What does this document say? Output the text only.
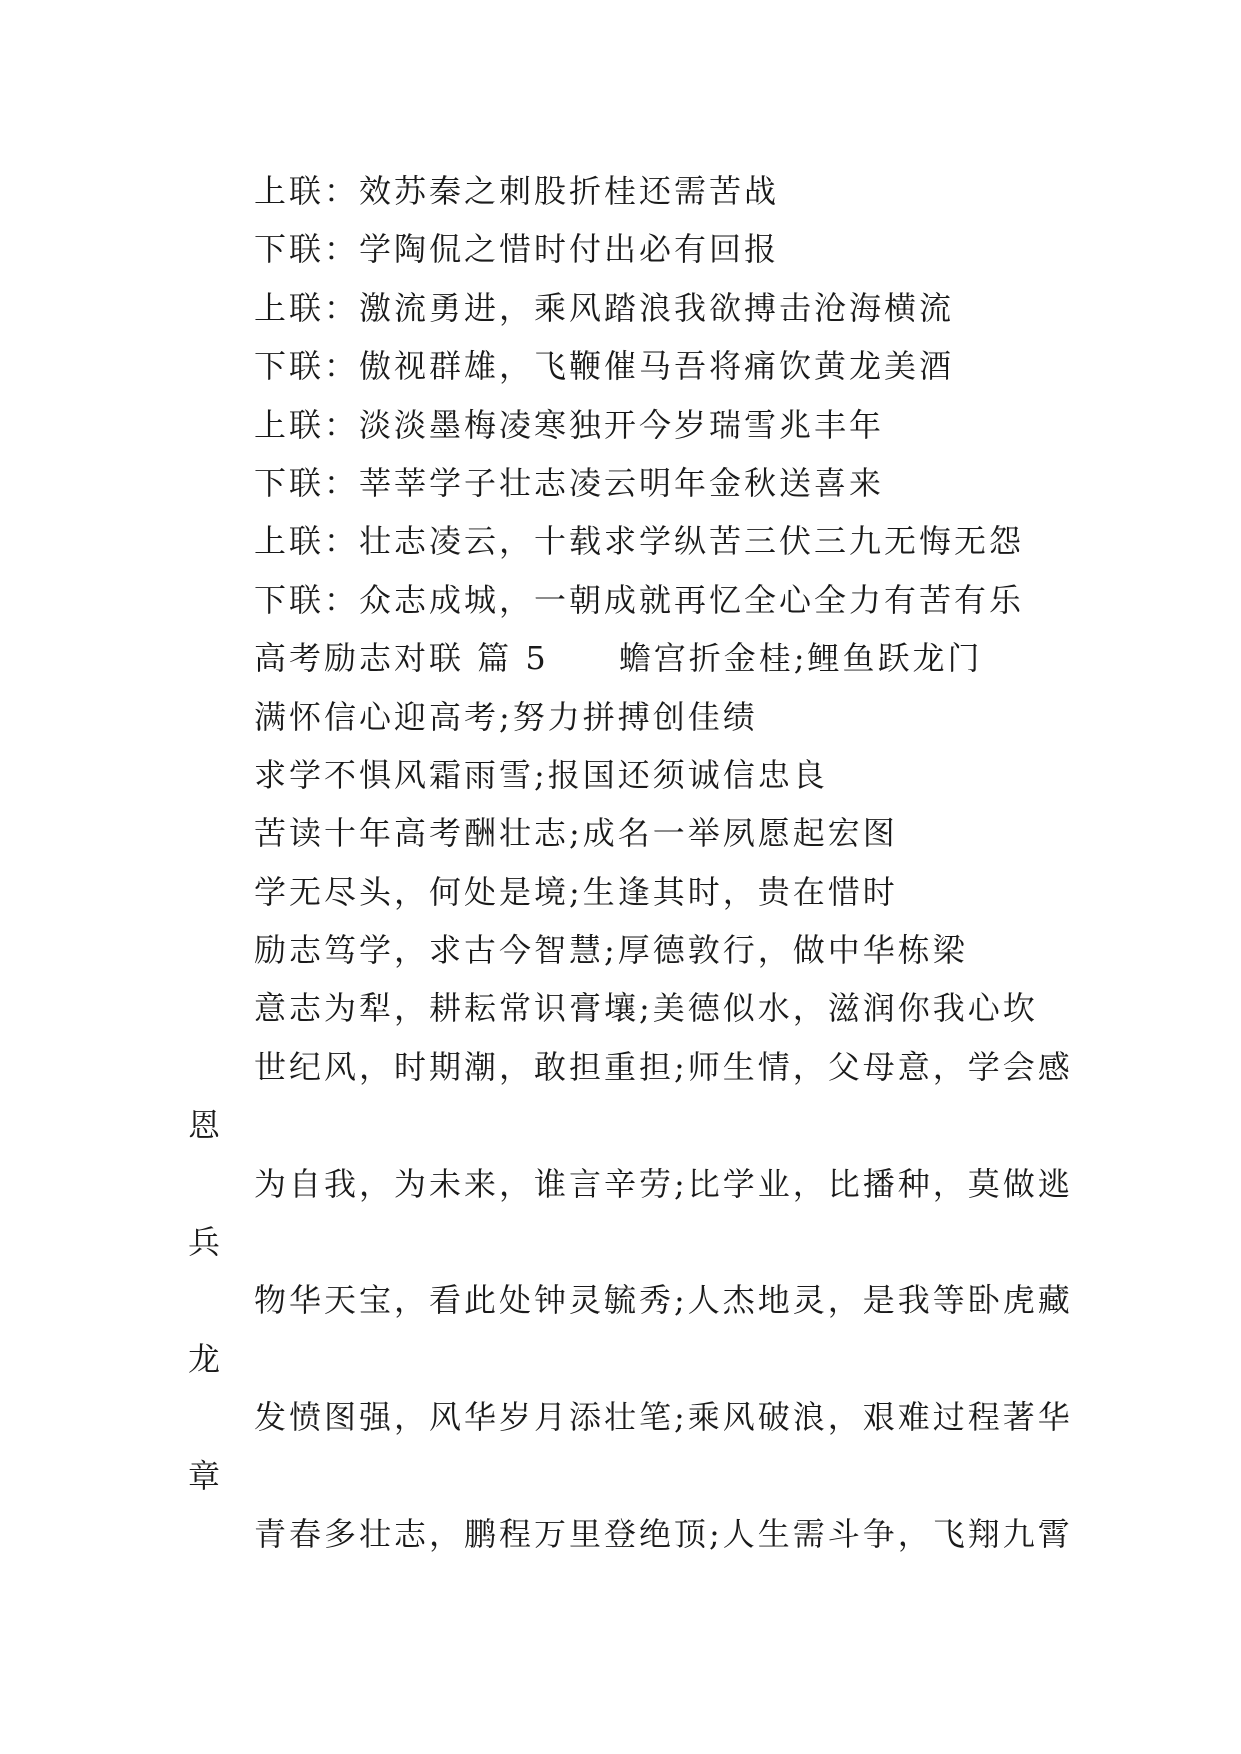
上联：效苏秦之刺股折桂还需苦战
下联：学陶侃之惜时付出必有回报
上联：激流勇进，乘风踏浪我欲搏击沧海横流
下联：傲视群雄，飞鞭催马吾将痛饮黄龙美酒
上联：淡淡墨梅凌寒独开今岁瑞雪兆丰年
下联：莘莘学子壮志凌云明年金秋送喜来
上联：壮志凌云，十载求学纵苦三伏三九无悔无怨
下联：众志成城，一朝成就再忆全心全力有苦有乐
高考励志对联 篇 5　　蟾宫折金桂;鲤鱼跃龙门
满怀信心迎高考;努力拼搏创佳绩
求学不惧风霜雨雪;报国还须诚信忠良
苦读十年高考酬壮志;成名一举夙愿起宏图
学无尽头，何处是境;生逢其时，贵在惜时
励志笃学，求古今智慧;厚德敦行，做中华栋梁
意志为犁，耕耘常识膏壤;美德似水，滋润你我心坎
世纪风，时期潮，敢担重担;师生情，父母意，学会感
恩
为自我，为未来，谁言辛劳;比学业，比播种，莫做逃
兵
物华天宝，看此处钟灵毓秀;人杰地灵，是我等卧虎藏
龙
发愤图强，风华岁月添壮笔;乘风破浪，艰难过程著华
章
青春多壮志，鹏程万里登绝顶;人生需斗争，飞翔九霄
